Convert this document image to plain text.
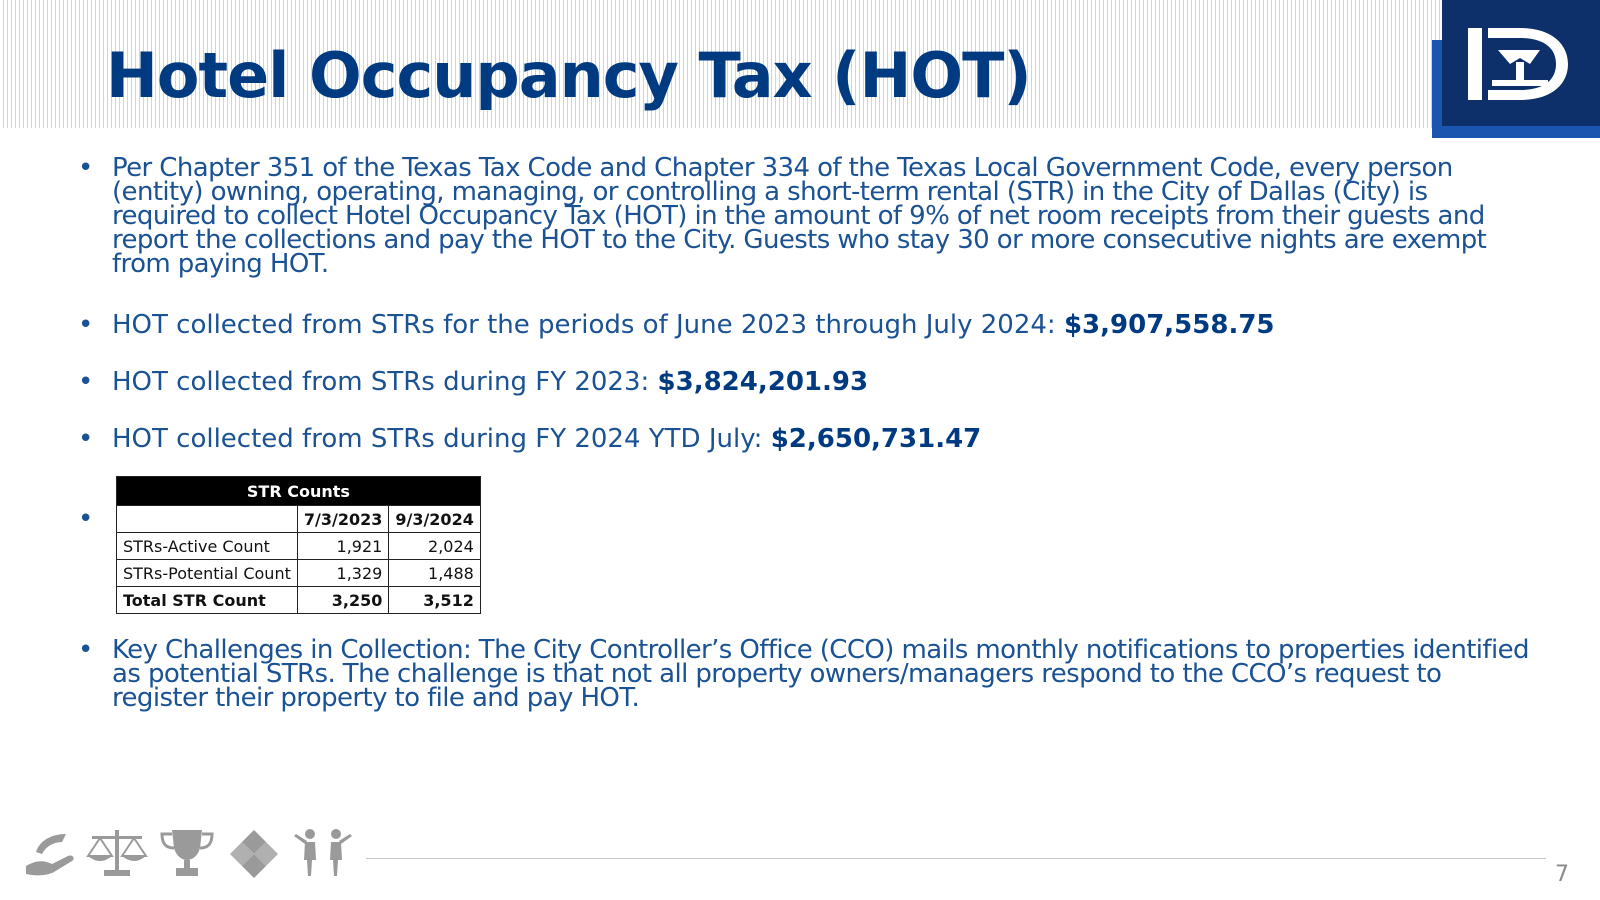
Hotel Occupancy Tax (HOT)
• Per Chapter 351 of the Texas Tax Code and Chapter 334 of the Texas Local Government Code, every person (entity) owning, operating, managing, or controlling a short-term rental (STR) in the City of Dallas (City) is required to collect Hotel Occupancy Tax (HOT) in the amount of 9% of net room receipts from their guests and report the collections and pay the HOT to the City. Guests who stay 30 or more consecutive nights are exempt from paying HOT.
• HOT collected from STRs for the periods of June 2023 through July 2024: $3,907,558.75
• HOT collected from STRs during FY 2023: $3,824,201.93
• HOT collected from STRs during FY 2024 YTD July: $2,650,731.47
•
STR Counts		
	7/3/2023	9/3/2024
STRs-Active Count	1,921	2,024
STRs-Potential Count	1,329	1,488
Total STR Count	3,250	3,512
• Key Challenges in Collection: The City Controller’s Office (CCO) mails monthly notifications to properties identified as potential STRs. The challenge is that not all property owners/managers respond to the CCO’s request to register their property to file and pay HOT.
7
